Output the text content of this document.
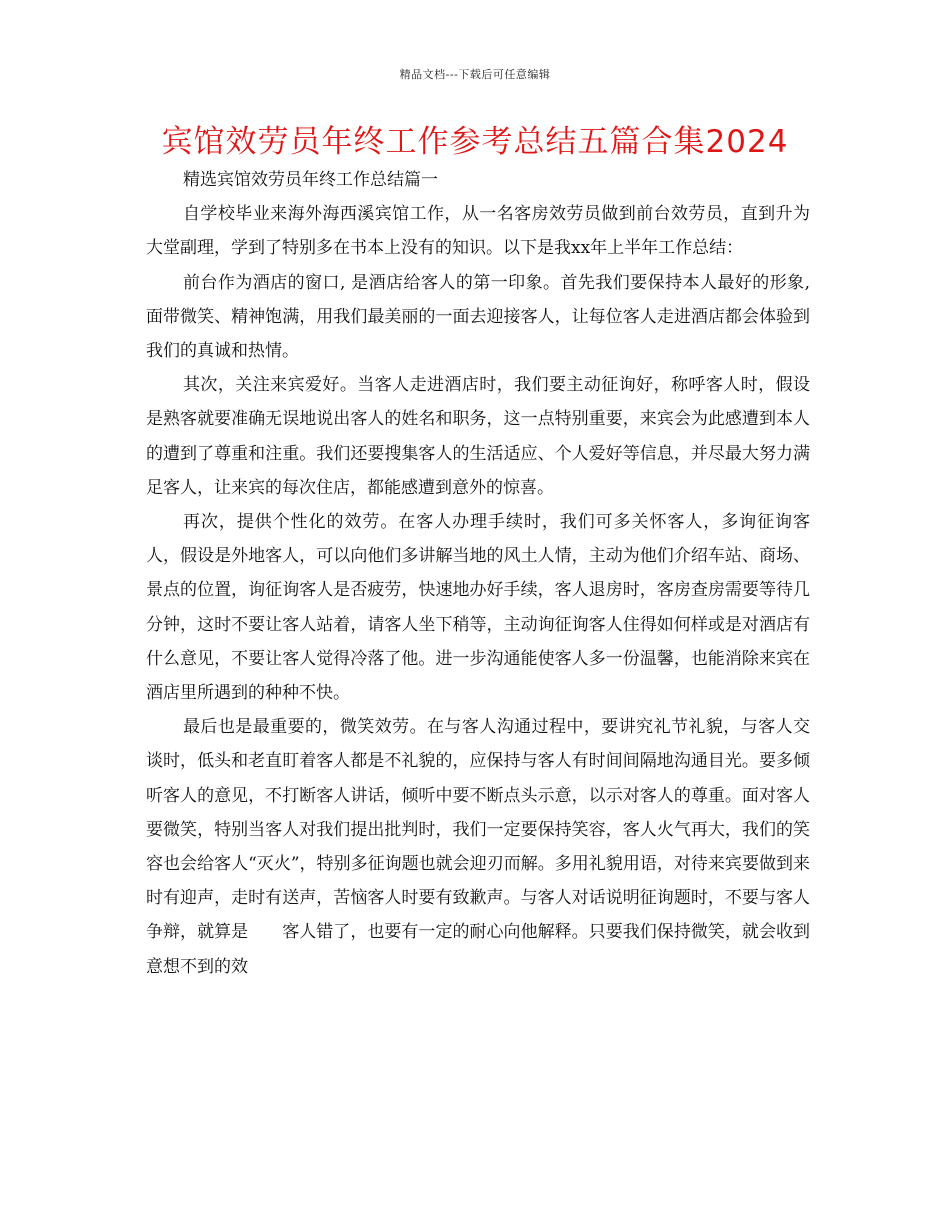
精品文档---下载后可任意编辑
宾馆效劳员年终工作参考总结五篇合集2024

精选宾馆效劳员年终工作总结篇一

自学校毕业来海外海西溪宾馆工作，从一名客房效劳员做到前台效劳员，直到升为大堂副理，学到了特别多在书本上没有的知识。以下是我xx年上半年工作总结：

前台作为酒店的窗口, 是酒店给客人的第一印象。首先我们要保持本人最好的形象, 面带微笑、精神饱满，用我们最美丽的一面去迎接客人，让每位客人走进酒店都会体验到我们的真诚和热情。

其次，关注来宾爱好。当客人走进酒店时，我们要主动征询好，称呼客人时，假设是熟客就要准确无误地说出客人的姓名和职务，这一点特别重要，来宾会为此感遭到本人的遭到了尊重和注重。我们还要搜集客人的生活适应、个人爱好等信息，并尽最大努力满足客人，让来宾的每次住店，都能感遭到意外的惊喜。

再次，提供个性化的效劳。在客人办理手续时，我们可多关怀客人，多询征询客人，假设是外地客人，可以向他们多讲解当地的风土人情，主动为他们介绍车站、商场、景点的位置，询征询客人是否疲劳，快速地办好手续，客人退房时，客房查房需要等待几分钟，这时不要让客人站着，请客人坐下稍等，主动询征询客人住得如何样或是对酒店有什么意见，不要让客人觉得冷落了他。进一步沟通能使客人多一份温馨，也能消除来宾在酒店里所遇到的种种不快。

最后也是最重要的，微笑效劳。在与客人沟通过程中，要讲究礼节礼貌，与客人交谈时，低头和老直盯着客人都是不礼貌的，应保持与客人有时间间隔地沟通目光。要多倾听客人的意见，不打断客人讲话，倾听中要不断点头示意，以示对客人的尊重。面对客人要微笑，特别当客人对我们提出批判时，我们一定要保持笑容，客人火气再大，我们的笑容也会给客人“灭火”，特别多征询题也就会迎刃而解。多用礼貌用语，对待来宾要做到来时有迎声，走时有送声，苦恼客人时要有致歉声。与客人对话说明征询题时，不要与客人争辩，就算是　　客人错了，也要有一定的耐心向他解释。只要我们保持微笑，就会收到意想不到的效
